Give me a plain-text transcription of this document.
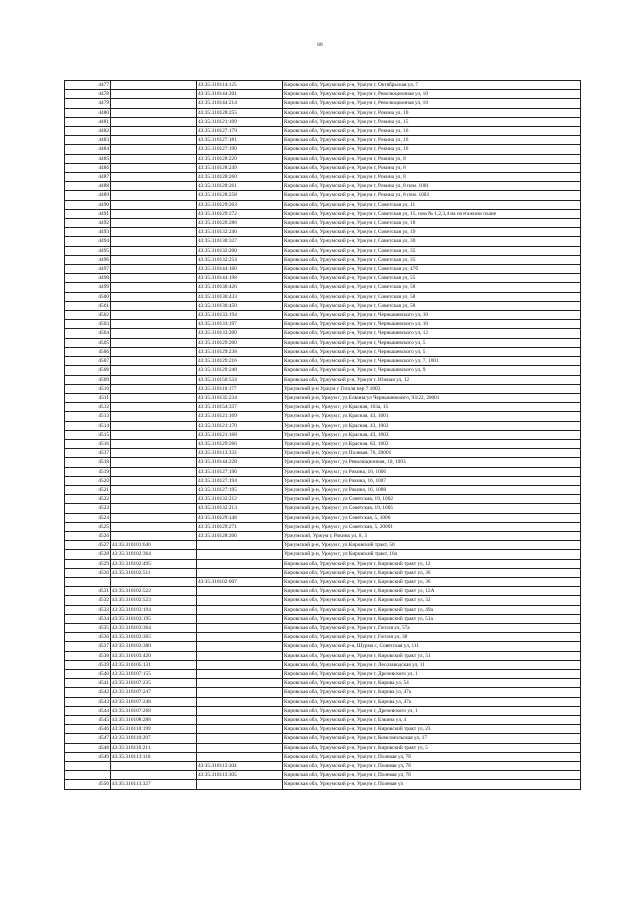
68
4477		43:35:310114:125	Кировская обл, Уржумский р-н, Уржум г, Октябрьская ул, 7
4478		43:35:310144:201	Кировская обл, Уржумский р-н, Уржум г, Революционная ул, 10
4479		43:35:310144:214	Кировская обл, Уржумский р-н, Уржум г, Революционная ул, 10
4480		43:35:310128:255	Кировская обл, Уржумский р-н, Уржум г, Рокина ул, 10
4481		43:35:310121:109	Кировская обл, Уржумский р-н, Уржум г, Рокина ул, 15
4482		43:35:310127:179	Кировская обл, Уржумский р-н, Уржум г, Рокина ул, 16
4483		43:35:310127:181	Кировская обл, Уржумский р-н, Уржум г, Рокина ул, 16
4484		43:35:310127:190	Кировская обл, Уржумский р-н, Уржум г, Рокина ул, 16
4485		43:35:310128:220	Кировская обл, Уржумский р-н, Уржум г, Рокина ул, 8
4486		43:35:310128:249	Кировская обл, Уржумский р-н, Уржум г, Рокина ул, 8
4487		43:35:310128:260	Кировская обл, Уржумский р-н, Уржум г, Рокина ул, 8
4488		43:35:310128:261	Кировская обл, Уржумский р-н, Уржум г, Рокина ул, 8 пом. 1001
4489		43:35:310128:258	Кировская обл, Уржумский р-н, Уржум г, Рокина ул, 8 пом. 1003
4490		43:35:310129:263	Кировская обл, Уржумский р-н, Уржум г, Советская ул, 11
4491		43:35:310129:272	Кировская обл, Уржумский р-н, Уржум г, Советская ул, 15, пом № 1,2,3,4 на поэтажном плане
4492		43:35:310120:286	Кировская обл, Уржумский р-н, Уржум г, Советская ул, 18
4493		43:35:310132:240	Кировская обл, Уржумский р-н, Уржум г, Советская ул, 19
4494		43:35:310130:327	Кировская обл, Уржумский р-н, Уржум г, Советская ул, 30
4495		43:35:310132:200	Кировская обл, Уржумский р-н, Уржум г, Советская ул, 35
4496		43:35:310132:254	Кировская обл, Уржумский р-н, Уржум г, Советская ул, 35
4497		43:35:310144:160	Кировская обл, Уржумский р-н, Уржум г, Советская ул, 47б
4498		43:35:310144:198	Кировская обл, Уржумский р-н, Уржум г, Советская ул, 55
4499		43:35:310130:426	Кировская обл, Уржумский р-н, Уржум г, Советская ул, 58
4500		43:35:310130:433	Кировская обл, Уржумский р-н, Уржум г, Советская ул, 58
4501		43:35:310130:450	Кировская обл, Уржумский р-н, Уржум г, Советская ул, 58
4502		43:35:310133:194	Кировская обл, Уржумский р-н, Уржум г, Чернышевского ул, 10
4503		43:35:310133:197	Кировская обл, Уржумский р-н, Уржум г, Чернышевского ул, 10
4504		43:35:310133:200	Кировская обл, Уржумский р-н, Уржум г, Чернышевского ул, 12
4505		43:35:310129:200	Кировская обл, Уржумский р-н, Уржум г, Чернышевского ул, 5
4506		43:35:310129:238	Кировская обл, Уржумский р-н, Уржум г, Чернышевского ул, 5
4507		43:35:310129:216	Кировская обл, Уржумский р-н, Уржум г, Чернышевского ул, 7, 1001
4508		43:35:310129:248	Кировская обл, Уржумский р-н, Уржум г, Чернышевского ул, 9
4509		43:35:310150:534	Кировская обл, Уржумский р-н, Уржум г, Южная ул, 12
4510		43:35:310110:177	Уржумский р-н Уржум г Гоголя пер 7 1003
4511		43:35:310135:234	Уржумский р-н, Уржум г, ул Елкина/ул Чернышевского, 93/22, 20001
4512		43:35:310154:337	Уржумский р-н, Уржум г, ул Красная, 163а, 15
4513		43:35:310121:169	Уржумский р-н, Уржум г, ул Красная, 43, 1001
4514		43:35:310121:170	Уржумский р-н, Уржум г, ул Красная, 43, 1002
4515		43:35:310121:168	Уржумский р-н, Уржум г, ул Красная, 43, 1003
4516		43:35:310129:266	Уржумский р-н, Уржум г, ул Красная, 82, 1002
4517		43:35:310113:333	Уржумский р-н, Уржум г, ул Полевая, 76, 20001
4518		43:35:310144:228	Уржумский р-н, Уржум г, ул Революционная, 10, 1003
4519		43:35:310127:196	Уржумский р-н, Уржум г, ул Рокина, 16, 1006
4520		43:35:310127:194	Уржумский р-н, Уржум г, ул Рокина, 16, 1007
4521		43:35:310127:195	Уржумский р-н, Уржум г, ул Рокина, 16, 1008
4522		43:35:310132:212	Уржумский р-н, Уржум г, ул Советская, 19, 1002
4523		43:35:310132:213	Уржумский р-н, Уржум г, ул Советская, 19, 1005
4524		43:35:310129:148	Уржумский р-н, Уржум г, ул Советская, 5, 1006
4525		43:35:310129:271	Уржумский р-н, Уржум г, ул Советская, 5, 20001
4526		43:35:310128:206	Уржумский, Уржум г, Рокина ул, 8, 3
4527	43:35:310101:640		Уржумский р-н, Уржум г, ул Кировский тракт, 50
4528	43:35:310102:364		Уржумский р-н, Уржум г, ул Кировский тракт, 10а
4529	43:35:310102:495		Кировская обл, Уржумский р-н, Уржум г, Кировский тракт ул, 12
4530	43:35:310102:511		Кировская обл, Уржумский р-н, Уржум г, Кировский тракт ул, 36
		43:35:310102:607	Кировская обл, Уржумский р-н, Уржум г, Кировский тракт ул, 36
4531	43:35:310102:522		Кировская обл, Уржумский р-н, Уржум г, Кировский тракт ул, 12А
4532	43:35:310102:523		Кировская обл, Уржумский р-н, Уржум г, Кировский тракт ул, 32
4533	43:35:310103:194		Кировская обл, Уржумский р-н, Уржум г, Кировский тракт ул, 49а
4534	43:35:310103:195		Кировская обл, Уржумский р-н, Уржум г, Кировский тракт ул, 51а
4535	43:35:310103:364		Кировская обл, Уржумский р-н, Уржум г, Гоголя ул, 57а
4536	43:35:310103:365		Кировская обл, Уржумский р-н, Уржум г, Гоголя ул, 38
4537	43:35:310103:380		Кировская обл, Уржумский р-н, Шурма с, Советская ул, 111
4538	43:35:310103:420		Кировская обл, Уржумский р-н, Уржум г, Кировский тракт ул, 51
4539	43:35:310105:131		Кировская обл, Уржумский р-н, Уржум г, Лесозаводская ул, 11
4540	43:35:310107:155		Кировская обл, Уржумский р-н, Уржум г, Дрелевского ул, 1
4541	43:35:310107:235		Кировская обл, Уржумский р-н, Уржум г, Кирова ул, 54
4542	43:35:310107:247		Кировская обл, Уржумский р-н, Уржум г, Кирова ул, 47а
4543	43:35:310107:248		Кировская обл, Уржумский р-н, Уржум г, Кирова ул, 47а
4544	43:35:310107:268		Кировская обл, Уржумский р-н, Уржум г, Дрелевского ул, 1
4545	43:35:310108:288		Кировская обл, Уржумский р-н, Уржум г, Елкина ул, 4
4546	43:35:310110:199		Кировская обл, Уржумский р-н, Уржум г, Кировский тракт ул, 23
4547	43:35:310110:207		Кировская обл, Уржумский р-н, Уржум г, Комсомольская ул, 17
4548	43:35:310110:211		Кировская обл, Уржумский р-н, Уржум г, Кировский тракт ул, 5
4549	43:35:310113:110		Кировская обл, Уржумский р-н, Уржум г, Полевая ул, 7б
		43:35:310113:304	Кировская обл, Уржумский р-н, Уржум г, Полевая ул, 7б
		43:35:310113:305	Кировская обл, Уржумский р-н, Уржум г, Полевая ул, 7б
4550	43:35:310113:327		Кировская обл, Уржумский р-н, Уржум г, Полевая ул
